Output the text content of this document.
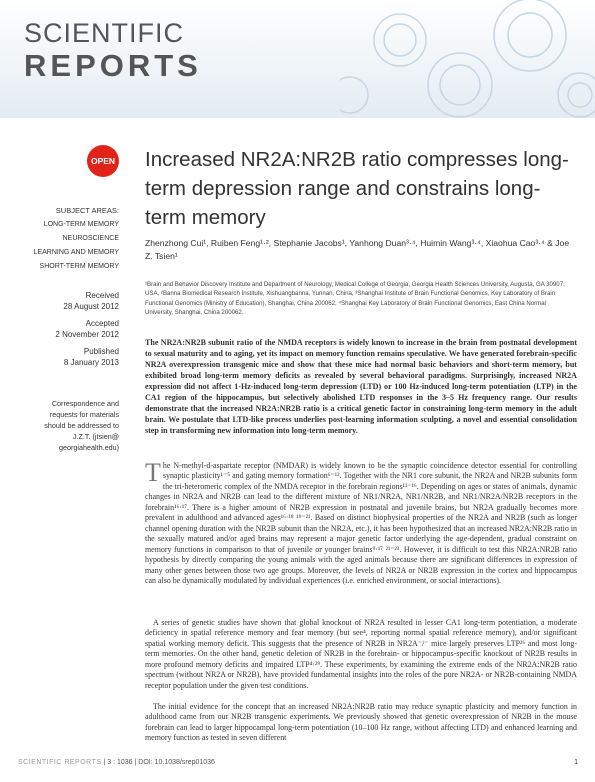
SCIENTIFIC
REPORTS
OPEN Increased NR2A:NR2B ratio compresses long-term depression range and constrains long-term memory
SUBJECT AREAS:
LONG-TERM MEMORY
NEUROSCIENCE
LEARNING AND MEMORY
SHORT-TERM MEMORY
Received
28 August 2012
Accepted
2 November 2012
Published
8 January 2013
Correspondence and
requests for materials
should be addressed to
J.Z.T. (jtsien@
georgiahealth.edu)
Zhenzhong Cui¹, Ruiben Feng¹·², Stephanie Jacobs¹, Yanhong Duan³·⁴, Huimin Wang³·⁴, Xiaohua Cao³·⁴ & Joe Z. Tsien¹
¹Brain and Behavior Discovery Institute and Department of Neurology, Medical College of Georgia, Georgia Health Sciences University, Augusta, GA 30907, USA, ²Banna Biomedical Research Institute, Xishuangbanna, Yunnan, China, ³Shanghai Institute of Brain Functional Genomics, Key Laboratory of Brain Functional Genomics (Ministry of Education), Shanghai, China 200062, ⁴Shanghai Key Laboratory of Brain Functional Genomics, East China Normal University, Shanghai, China 200062.

The NR2A:NR2B subunit ratio of the NMDA receptors is widely known to increase in the brain from postnatal development to sexual maturity and to aging, yet its impact on memory function remains speculative. We have generated forebrain-specific NR2A overexpression transgenic mice and show that these mice had normal basic behaviors and short-term memory, but exhibited broad long-term memory deficits as revealed by several behavioral paradigms. Surprisingly, increased NR2A expression did not affect 1-Hz-induced long-term depression (LTD) or 100 Hz-induced long-term potentiation (LTP) in the CA1 region of the hippocampus, but selectively abolished LTD responses in the 3–5 Hz frequency range. Our results demonstrate that the increased NR2A:NR2B ratio is a critical genetic factor in constraining long-term memory in the adult brain. We postulate that LTD-like process underlies post-learning information sculpting, a novel and essential consolidation step in transforming new information into long-term memory.

The N-methyl-d-aspartate receptor (NMDAR) is widely known to be the synaptic coincidence detector essential for controlling synaptic plasticity¹⁻⁵ and gating memory formation⁶⁻¹². Together with the NR1 core subunit, the NR2A and NR2B subunits form the tri-heteromeric complex of the NMDA receptor in the forebrain regions¹³⁻¹⁶. Depending on ages or states of animals, dynamic changes in NR2A and NR2B can lead to the different mixture of NR1/NR2A, NR1/NR2B, and NR1/NR2A/NR2B receptors in the forebrain¹⁶·¹⁷. There is a higher amount of NR2B expression in postnatal and juvenile brains, but NR2A gradually becomes more prevalent in adulthood and advanced ages¹⁶·¹⁸ ¹⁹⁻²¹. Based on distinct biophysical properties of the NR2A and NR2B (such as longer channel opening duration with the NR2B subunit than the NR2A, etc.), it has been hypothesized that an increased NR2A:NR2B ratio in the sexually matured and/or aged brains may represent a major genetic factor underlying the age-dependent, gradual constraint on memory functions in comparison to that of juvenile or younger brains⁹·¹⁷ ²¹⁻²³. However, it is difficult to test this NR2A:NR2B ratio hypothesis by directly comparing the young animals with the aged animals because there are significant differences in expression of many other genes between those two age groups. Moreover, the levels of NR2A or NR2B expression in the cortex and hippocampus can also be dynamically modulated by individual experiences (i.e. enriched environment, or social interactions).

A series of genetic studies have shown that global knockout of NR2A resulted in lesser CA1 long-term potentiation, a moderate deficiency in spatial reference memory and fear memory (but see⁴, reporting normal spatial reference memory), and/or significant spatial working memory deficit. This suggests that the presence of NR2B in NR2A⁻/⁻ mice largely preserves LTP²⁶ and most long-term memories. On the other hand, genetic deletion of NR2B in the forebrain- or hippocampus-specific knockout of NR2B results in more profound memory deficits and impaired LTP⁴·²⁹. These experiments, by examining the extreme ends of the NR2A:NR2B ratio spectrum (without NR2A or NR2B), have provided fundamental insights into the roles of the pure NR2A- or NR2B-containing NMDA receptor population under the given test conditions.

The initial evidence for the concept that an increased NR2A:NR2B ratio may reduce synaptic plasticity and memory function in adulthood came from our NR2B transgenic experiments. We previously showed that genetic overexpression of NR2B in the mouse forebrain can lead to larger hippocampal long-term potentiation (10–100 Hz range, without affecting LTD) and enhanced learning and memory function as tested in seven different

SCIENTIFIC REPORTS | 3 : 1036 | DOI: 10.1038/srep01036	1
